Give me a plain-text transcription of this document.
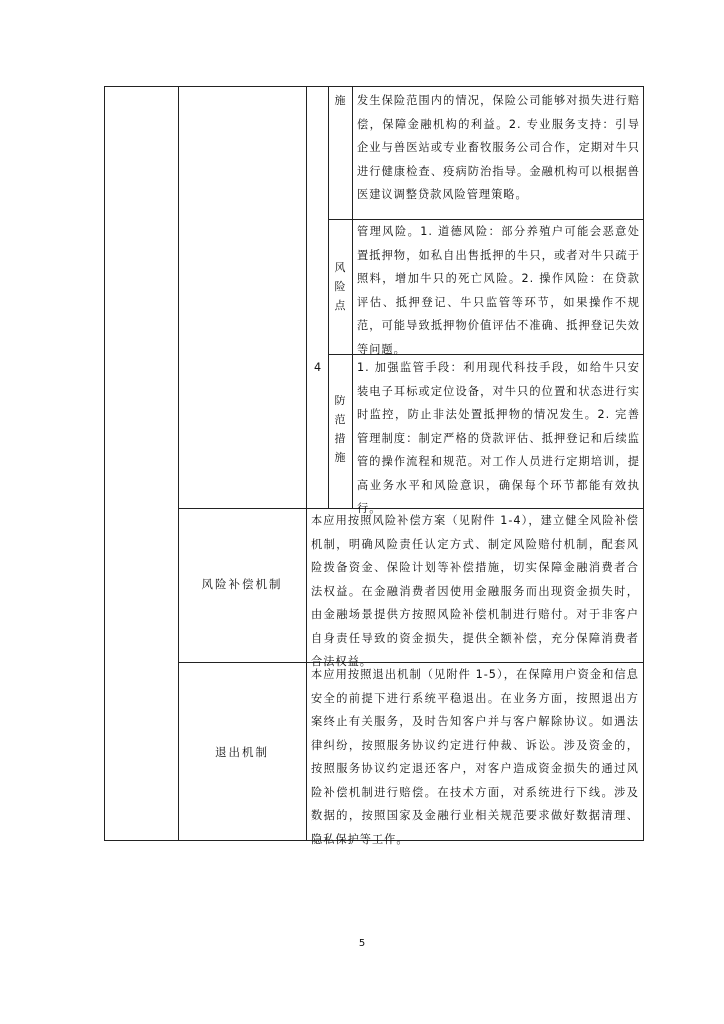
施 发生保险范围内的情况，保险公司能够对损失进行赔偿，保障金融机构的利益。2. 专业服务支持：引导企业与兽医站或专业畜牧服务公司合作，定期对牛只进行健康检查、疫病防治指导。金融机构可以根据兽医建议调整贷款风险管理策略。
风险点
管理风险。1. 道德风险：部分养殖户可能会恶意处置抵押物，如私自出售抵押的牛只，或者对牛只疏于照料，增加牛只的死亡风险。2. 操作风险：在贷款评估、抵押登记、牛只监管等环节，如果操作不规范，可能导致抵押物价值评估不准确、抵押登记失效等问题。
4
防范措施
1. 加强监管手段：利用现代科技手段，如给牛只安装电子耳标或定位设备，对牛只的位置和状态进行实时监控，防止非法处置抵押物的情况发生。2. 完善管理制度：制定严格的贷款评估、抵押登记和后续监管的操作流程和规范。对工作人员进行定期培训，提高业务水平和风险意识，确保每个环节都能有效执行。
风险补偿机制
本应用按照风险补偿方案（见附件 1-4），建立健全风险补偿机制，明确风险责任认定方式、制定风险赔付机制，配套风险拨备资金、保险计划等补偿措施，切实保障金融消费者合法权益。在金融消费者因使用金融服务而出现资金损失时，由金融场景提供方按照风险补偿机制进行赔付。对于非客户自身责任导致的资金损失，提供全额补偿，充分保障消费者合法权益。
退出机制
本应用按照退出机制（见附件 1-5），在保障用户资金和信息安全的前提下进行系统平稳退出。在业务方面，按照退出方案终止有关服务，及时告知客户并与客户解除协议。如遇法律纠纷，按照服务协议约定进行仲裁、诉讼。涉及资金的，按照服务协议约定退还客户，对客户造成资金损失的通过风险补偿机制进行赔偿。在技术方面，对系统进行下线。涉及数据的，按照国家及金融行业相关规范要求做好数据清理、隐私保护等工作。
5
